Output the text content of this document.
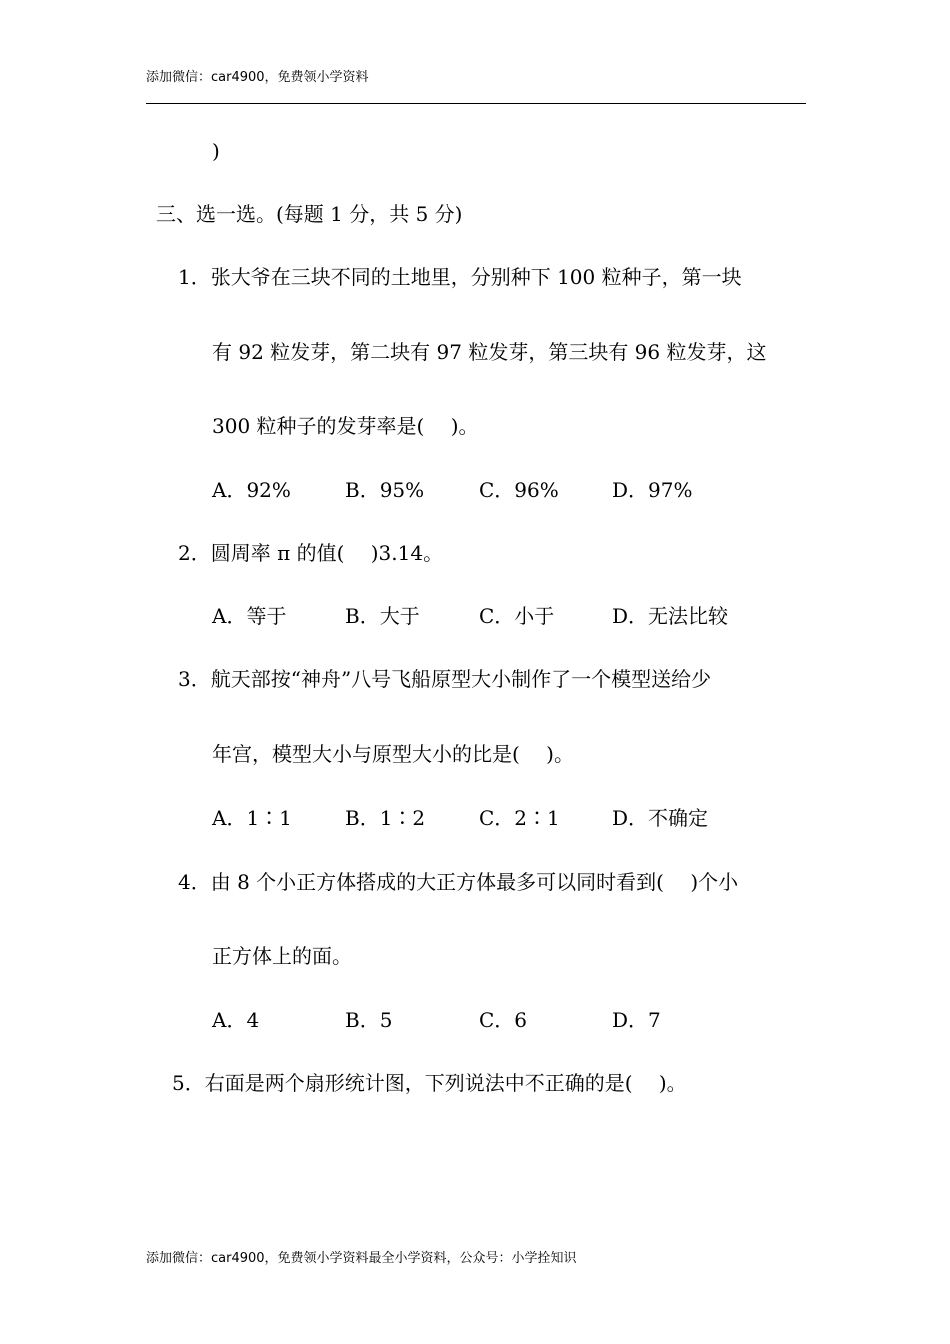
添加微信：car4900，免费领小学资料
)
三、选一选。(每题 1 分，共 5 分)
1．张大爷在三块不同的土地里，分别种下 100 粒种子，第一块
有 92 粒发芽，第二块有 97 粒发芽，第三块有 96 粒发芽，这
300 粒种子的发芽率是(　 )。
A．92%	B．95%	C．96%	D．97%
2．圆周率 π 的值(　 )3.14。
A．等于	B．大于	C．小于	D．无法比较
3．航天部按“神舟”八号飞船原型大小制作了一个模型送给少
年宫，模型大小与原型大小的比是(　 )。
A．1∶1	B．1∶2	C．2∶1	D．不确定
4．由 8 个小正方体搭成的大正方体最多可以同时看到(　 )个小
正方体上的面。
A．4	B．5	C．6	D．7
5．右面是两个扇形统计图，下列说法中不正确的是(　 )。
添加微信：car4900，免费领小学资料最全小学资料，公众号：小学拴知识
